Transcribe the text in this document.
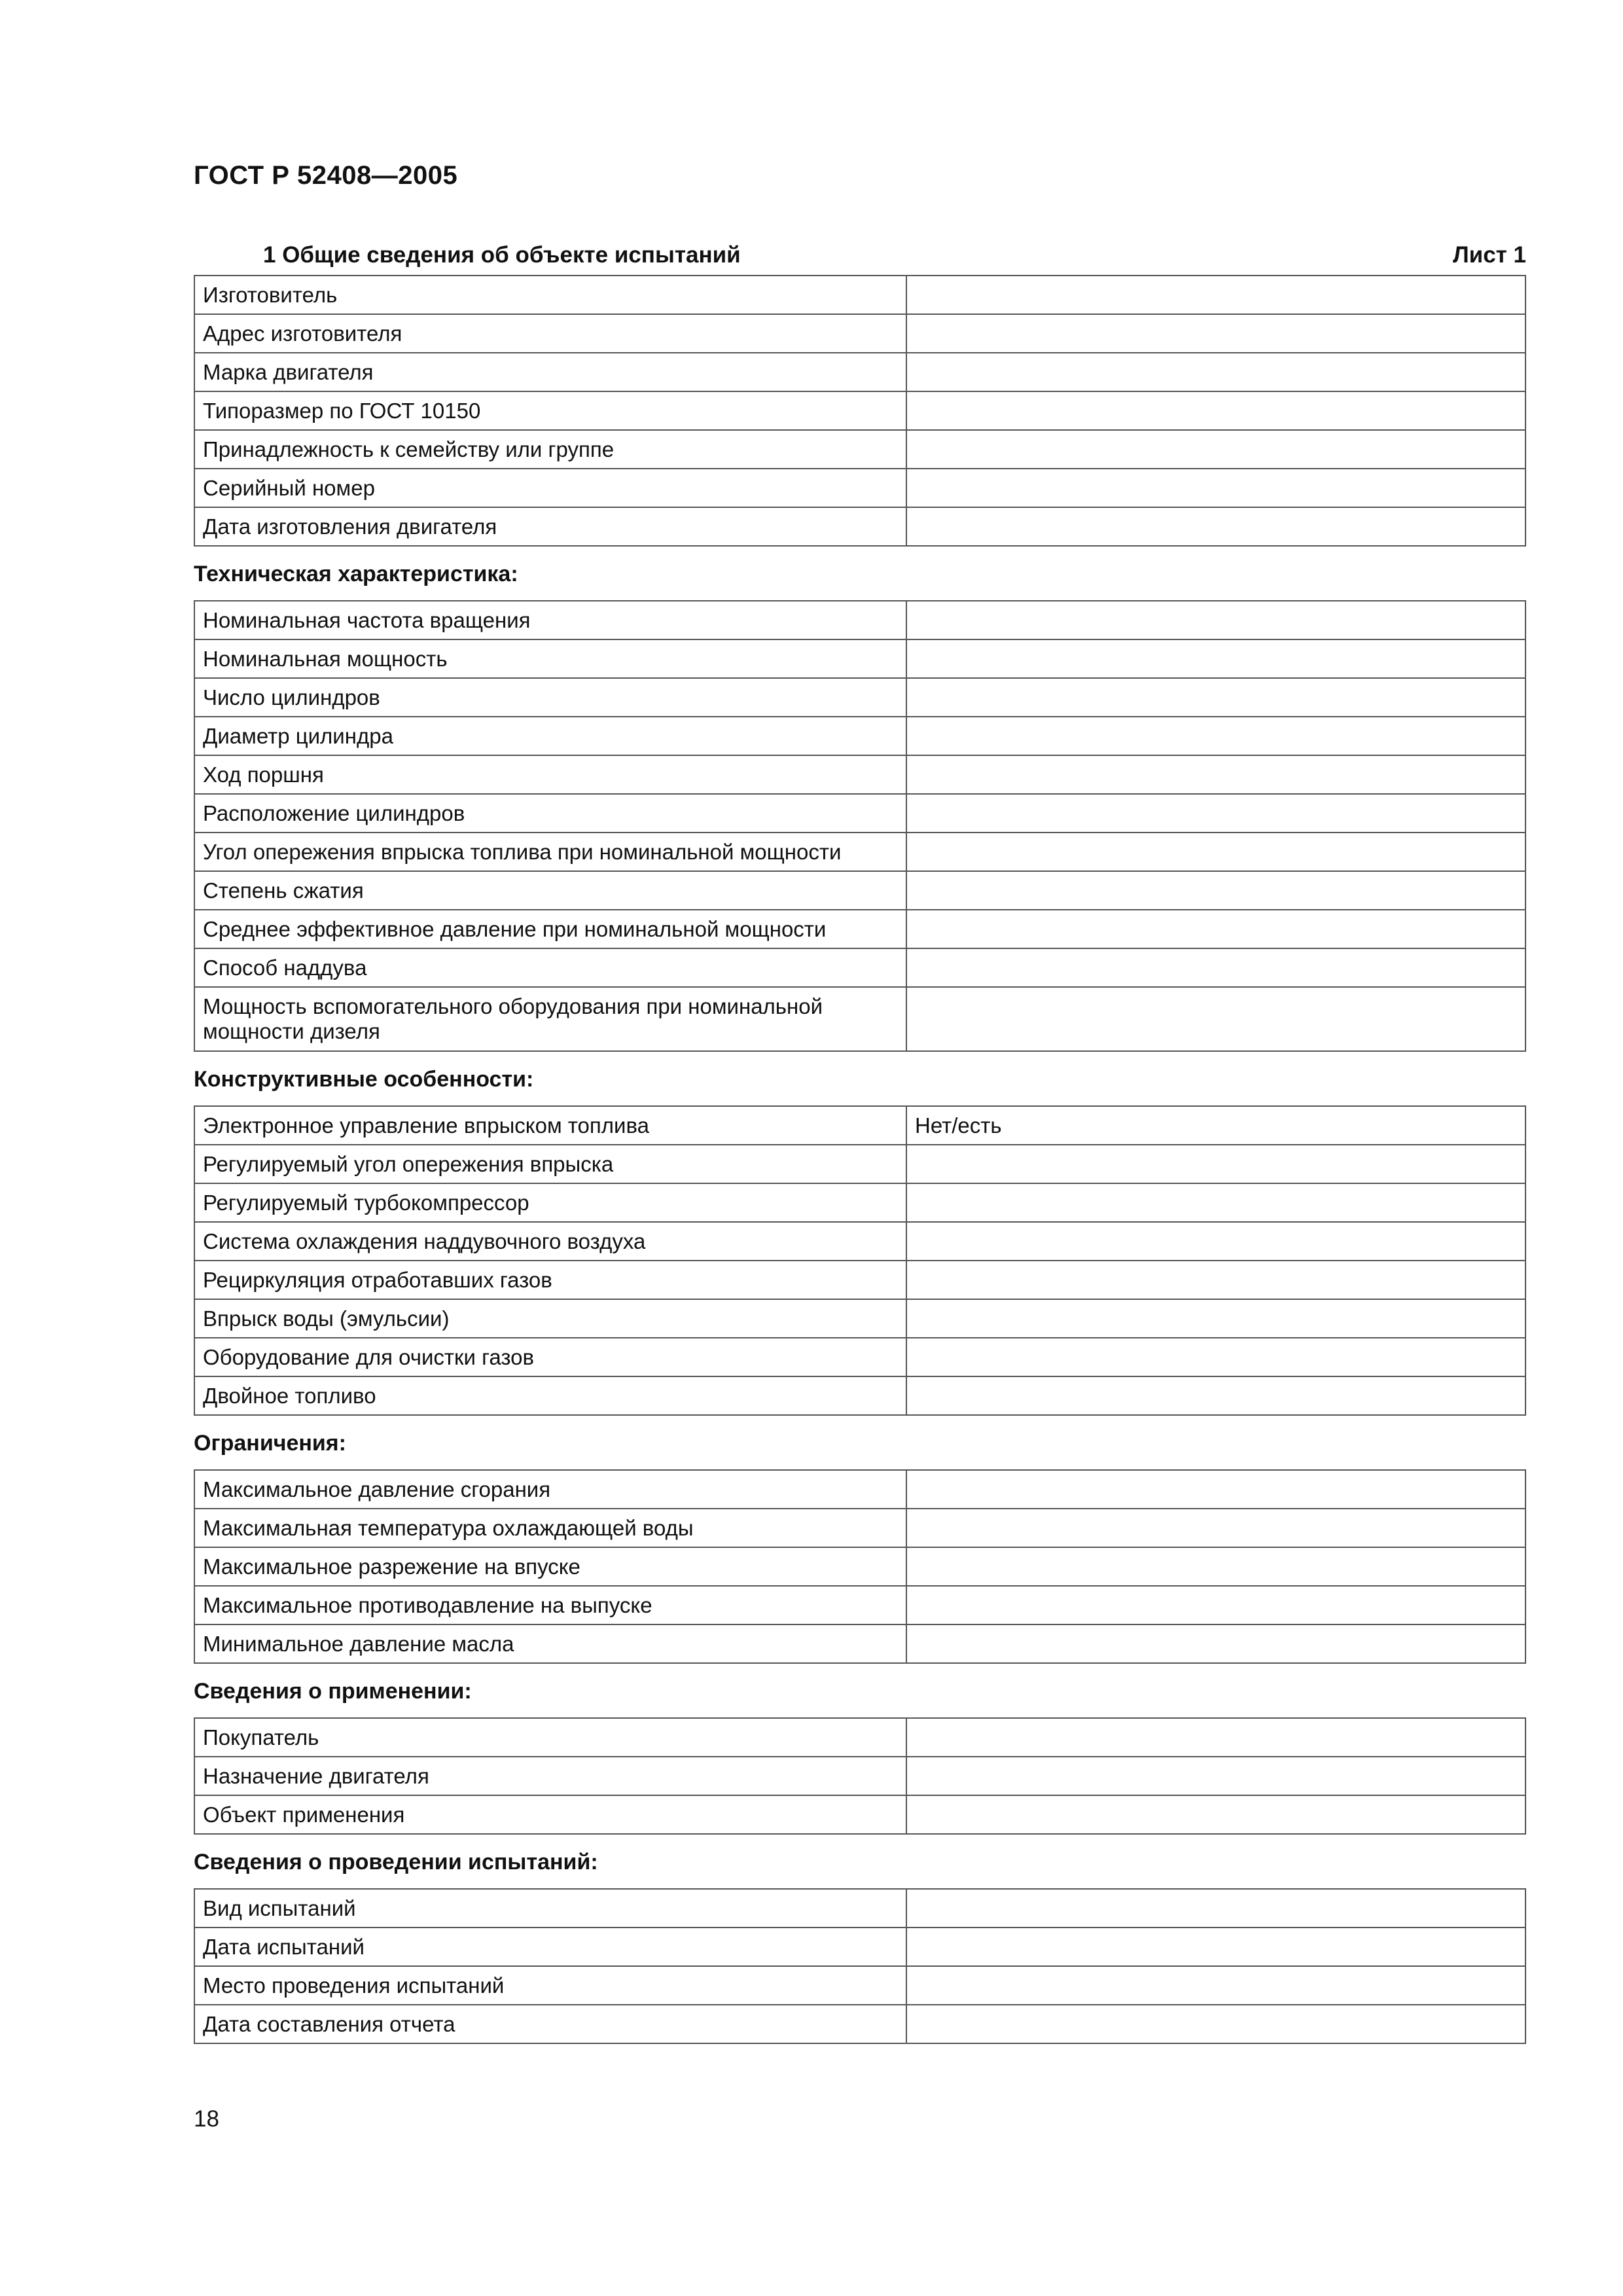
ГОСТ Р 52408—2005
1 Общие сведения об объекте испытаний	Лист 1
Изготовитель	
Адрес изготовителя	
Марка двигателя	
Типоразмер по ГОСТ 10150	
Принадлежность к семейству или группе	
Серийный номер	
Дата изготовления двигателя	
Техническая характеристика:
Номинальная частота вращения	
Номинальная мощность	
Число цилиндров	
Диаметр цилиндра	
Ход поршня	
Расположение цилиндров	
Угол опережения впрыска топлива при номинальной мощности	
Степень сжатия	
Среднее эффективное давление при номинальной мощности	
Способ наддува	
Мощность вспомогательного оборудования при номинальной мощности дизеля	
Конструктивные особенности:
Электронное управление впрыском топлива	Нет/есть
Регулируемый угол опережения впрыска	
Регулируемый турбокомпрессор	
Система охлаждения наддувочного воздуха	
Рециркуляция отработавших газов	
Впрыск воды (эмульсии)	
Оборудование для очистки газов	
Двойное топливо	
Ограничения:
Максимальное давление сгорания	
Максимальная температура охлаждающей воды	
Максимальное разрежение на впуске	
Максимальное противодавление на выпуске	
Минимальное давление масла	
Сведения о применении:
Покупатель	
Назначение двигателя	
Объект применения	
Сведения о проведении испытаний:
Вид испытаний	
Дата испытаний	
Место проведения испытаний	
Дата составления отчета	
18
